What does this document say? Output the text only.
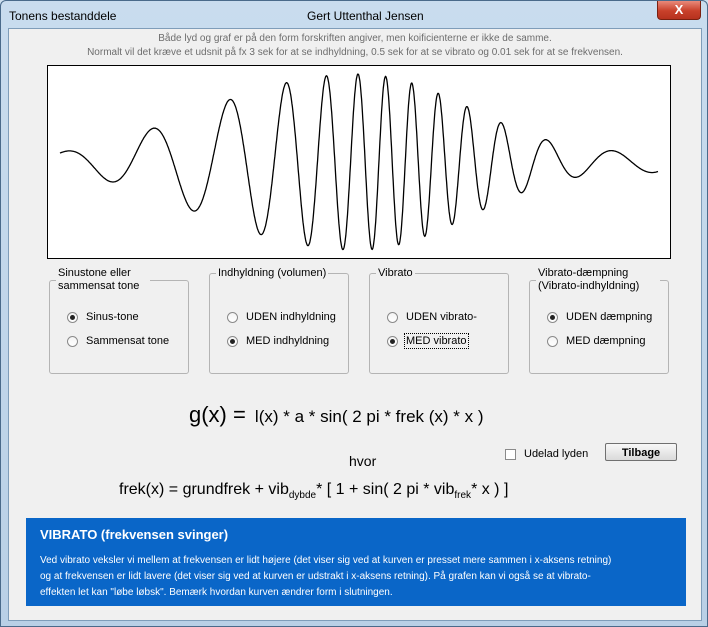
Tonens bestanddele	Gert Uttenthal Jensen	X
Både lyd og graf er på den form forskriften angiver, men koificienterne er ikke de samme.
Normalt vil det kræve et udsnit på fx 3 sek for at se indhyldning, 0.5 sek for at se vibrato og 0.01 sek for at se frekvensen.
Sinustone eller sammensat tone
Sinus-tone
Sammensat tone
Indhyldning (volumen)
UDEN indhyldning
MED indhyldning
Vibrato
UDEN vibrato-
MED vibrato
Vibrato-dæmpning (Vibrato-indhyldning)
UDEN dæmpning
MED dæmpning
g(x) = l(x) * a * sin( 2 pi * frek (x) * x )
hvor
frek(x) = grundfrek + vib$_{dybde}$* [ 1 + sin( 2 pi * vib$_{frek}$* x ) ]
Udelad lyden	Tilbage
VIBRATO (frekvensen svinger)
Ved vibrato veksler vi mellem at frekvensen er lidt højere (det viser sig ved at kurven er presset mere sammen i x-aksens retning)
og at frekvensen er lidt lavere (det viser sig ved at kurven er udstrakt i x-aksens retning). På grafen kan vi også se at vibrato-
effekten let kan "løbe løbsk". Bemærk hvordan kurven ændrer form i slutningen.
